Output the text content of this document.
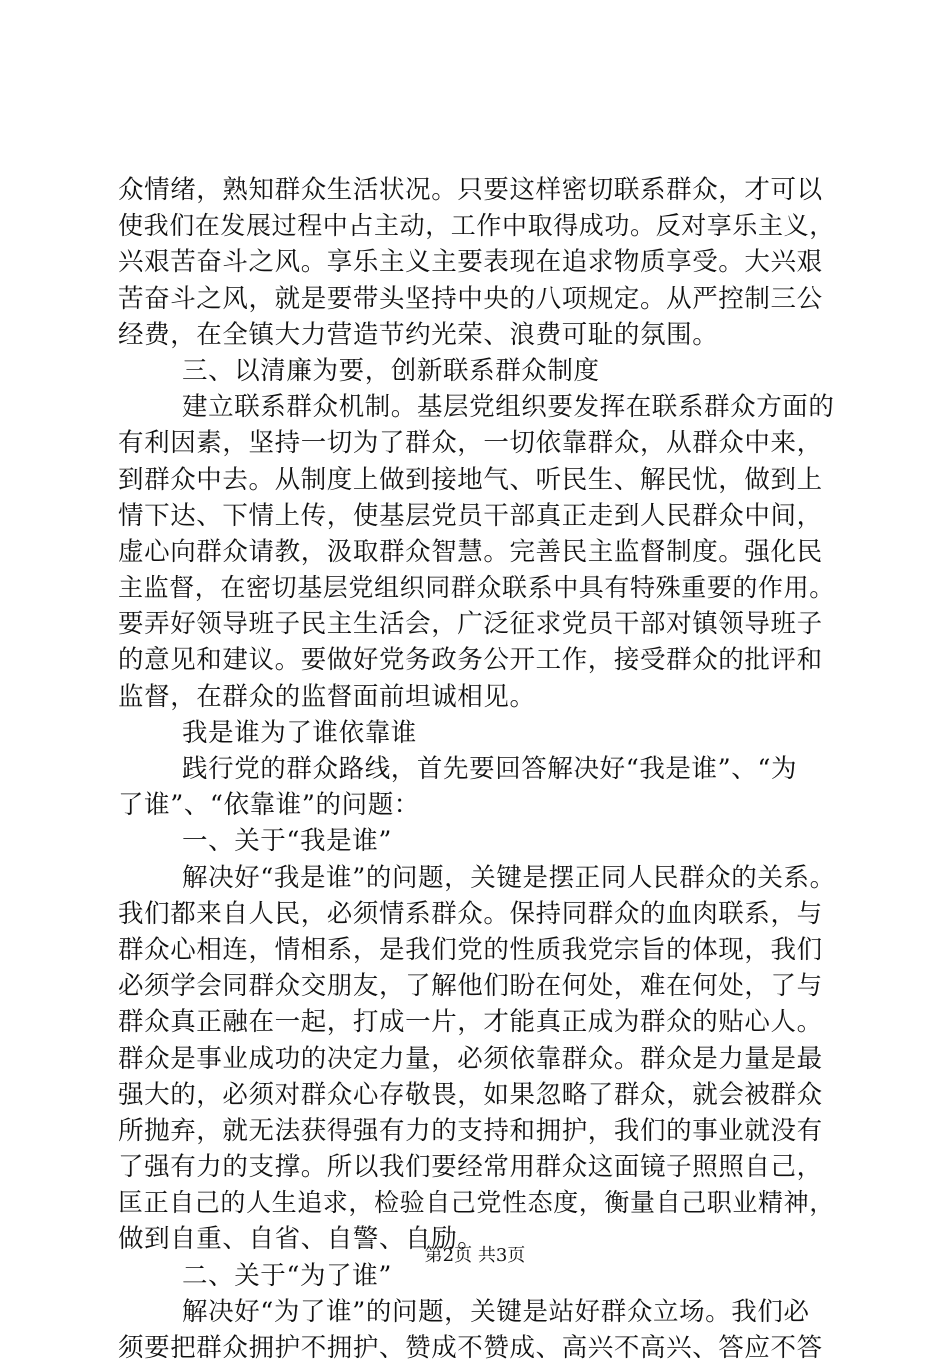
众情绪，熟知群众生活状况。只要这样密切联系群众，才可以
使我们在发展过程中占主动，工作中取得成功。反对享乐主义，
兴艰苦奋斗之风。享乐主义主要表现在追求物质享受。大兴艰
苦奋斗之风，就是要带头坚持中央的八项规定。从严控制三公
经费，在全镇大力营造节约光荣、浪费可耻的氛围。
三、以清廉为要，创新联系群众制度
建立联系群众机制。基层党组织要发挥在联系群众方面的
有利因素，坚持一切为了群众，一切依靠群众，从群众中来，
到群众中去。从制度上做到接地气、听民生、解民忧，做到上
情下达、下情上传，使基层党员干部真正走到人民群众中间，
虚心向群众请教，汲取群众智慧。完善民主监督制度。强化民
主监督，在密切基层党组织同群众联系中具有特殊重要的作用。
要弄好领导班子民主生活会，广泛征求党员干部对镇领导班子
的意见和建议。要做好党务政务公开工作，接受群众的批评和
监督，在群众的监督面前坦诚相见。
我是谁为了谁依靠谁
践行党的群众路线，首先要回答解决好“我是谁”、“为
了谁”、“依靠谁”的问题：
一、关于“我是谁”
解决好“我是谁”的问题，关键是摆正同人民群众的关系。
我们都来自人民，必须情系群众。保持同群众的血肉联系，与
群众心相连，情相系，是我们党的性质我党宗旨的体现，我们
必须学会同群众交朋友，了解他们盼在何处，难在何处，了与
群众真正融在一起，打成一片，才能真正成为群众的贴心人。
群众是事业成功的决定力量，必须依靠群众。群众是力量是最
强大的，必须对群众心存敬畏，如果忽略了群众，就会被群众
所抛弃，就无法获得强有力的支持和拥护，我们的事业就没有
了强有力的支撑。所以我们要经常用群众这面镜子照照自己，
匡正自己的人生追求，检验自己党性态度，衡量自己职业精神，
做到自重、自省、自警、自励。
二、关于“为了谁”
解决好“为了谁”的问题，关键是站好群众立场。我们必
须要把群众拥护不拥护、赞成不赞成、高兴不高兴、答应不答
第2页 共3页
